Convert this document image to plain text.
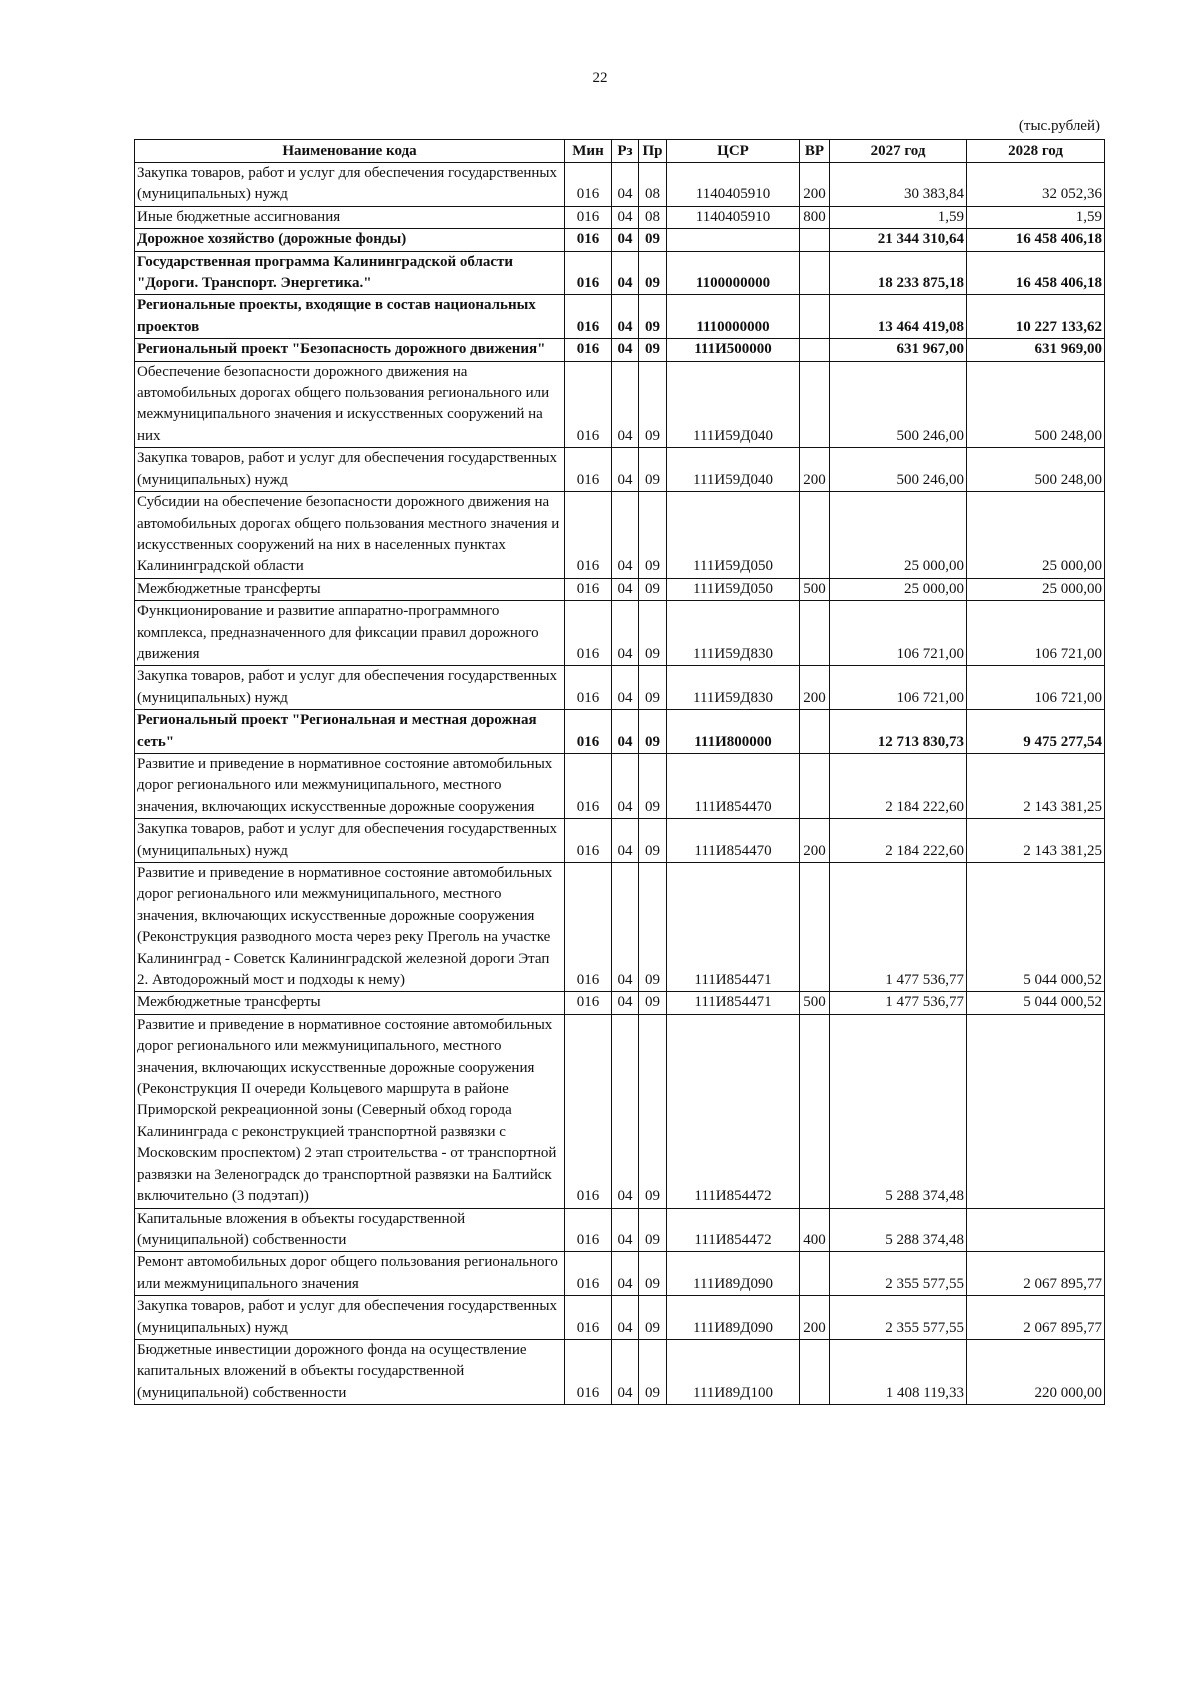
22
(тыс.рублей)
Наименование кода	Мин	Рз	Пр	ЦСР	ВР	2027 год	2028 год
Закупка товаров, работ и услуг для обеспечения государственных (муниципальных) нужд	016	04	08	1140405910	200	30 383,84	32 052,36
Иные бюджетные ассигнования	016	04	08	1140405910	800	1,59	1,59
Дорожное хозяйство (дорожные фонды)	016	04	09			21 344 310,64	16 458 406,18
Государственная программа Калининградской области "Дороги. Транспорт. Энергетика."	016	04	09	1100000000		18 233 875,18	16 458 406,18
Региональные проекты, входящие в состав национальных проектов	016	04	09	1110000000		13 464 419,08	10 227 133,62
Региональный проект "Безопасность дорожного движения"	016	04	09	111И500000		631 967,00	631 969,00
Обеспечение безопасности дорожного движения на автомобильных дорогах общего пользования регионального или межмуниципального значения и искусственных сооружений на них	016	04	09	111И59Д040		500 246,00	500 248,00
Закупка товаров, работ и услуг для обеспечения государственных (муниципальных) нужд	016	04	09	111И59Д040	200	500 246,00	500 248,00
Субсидии на обеспечение безопасности дорожного движения на автомобильных дорогах общего пользования местного значения и искусственных сооружений на них в населенных пунктах Калининградской области	016	04	09	111И59Д050		25 000,00	25 000,00
Межбюджетные трансферты	016	04	09	111И59Д050	500	25 000,00	25 000,00
Функционирование и развитие аппаратно-программного комплекса, предназначенного для фиксации правил дорожного движения	016	04	09	111И59Д830		106 721,00	106 721,00
Закупка товаров, работ и услуг для обеспечения государственных (муниципальных) нужд	016	04	09	111И59Д830	200	106 721,00	106 721,00
Региональный проект "Региональная и местная дорожная сеть"	016	04	09	111И800000		12 713 830,73	9 475 277,54
Развитие и приведение в нормативное состояние автомобильных дорог регионального или межмуниципального, местного значения, включающих искусственные дорожные сооружения	016	04	09	111И854470		2 184 222,60	2 143 381,25
Закупка товаров, работ и услуг для обеспечения государственных (муниципальных) нужд	016	04	09	111И854470	200	2 184 222,60	2 143 381,25
Развитие и приведение в нормативное состояние автомобильных дорог регионального или межмуниципального, местного значения, включающих искусственные дорожные сооружения (Реконструкция разводного моста через реку Преголь на участке Калининград - Советск Калининградской железной дороги Этап 2. Автодорожный мост и подходы к нему)	016	04	09	111И854471		1 477 536,77	5 044 000,52
Межбюджетные трансферты	016	04	09	111И854471	500	1 477 536,77	5 044 000,52
Развитие и приведение в нормативное состояние автомобильных дорог регионального или межмуниципального, местного значения, включающих искусственные дорожные сооружения (Реконструкция II очереди Кольцевого маршрута в районе Приморской рекреационной зоны (Северный обход города Калининграда с реконструкцией транспортной развязки с Московским проспектом) 2 этап строительства - от транспортной развязки на Зеленоградск до транспортной развязки на Балтийск включительно (3 подэтап))	016	04	09	111И854472		5 288 374,48	
Капитальные вложения в объекты государственной (муниципальной) собственности	016	04	09	111И854472	400	5 288 374,48	
Ремонт автомобильных дорог общего пользования регионального или межмуниципального значения	016	04	09	111И89Д090		2 355 577,55	2 067 895,77
Закупка товаров, работ и услуг для обеспечения государственных (муниципальных) нужд	016	04	09	111И89Д090	200	2 355 577,55	2 067 895,77
Бюджетные инвестиции дорожного фонда на осуществление капитальных вложений в объекты государственной (муниципальной) собственности	016	04	09	111И89Д100		1 408 119,33	220 000,00
